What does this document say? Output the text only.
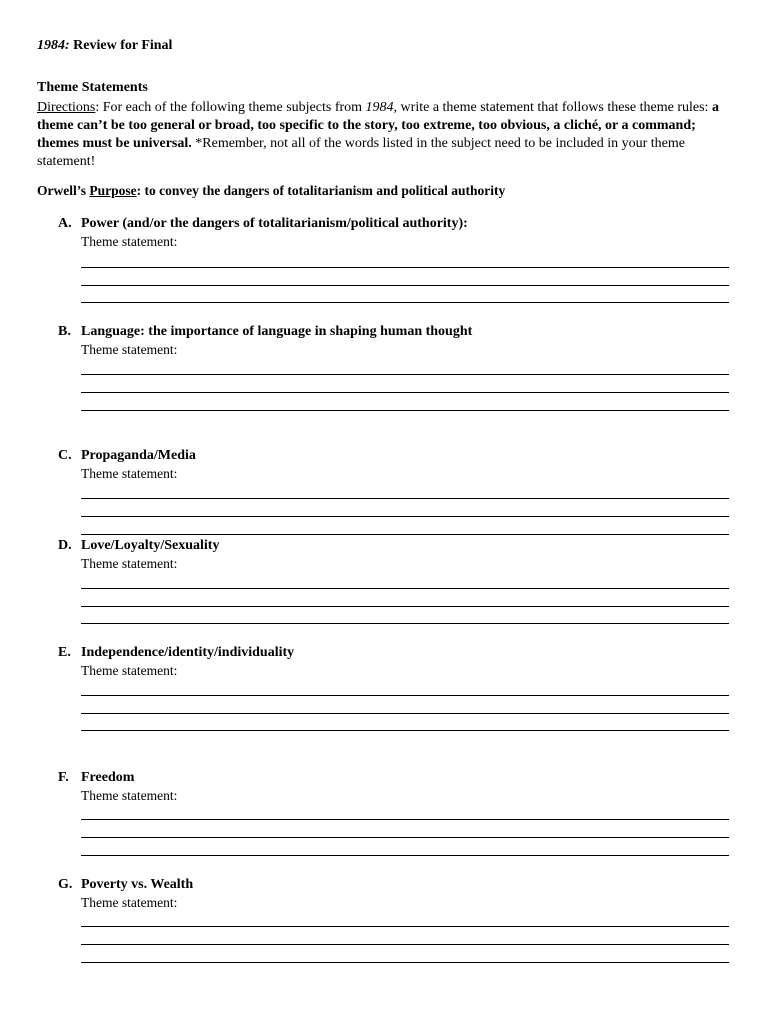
1984: Review for Final
Theme Statements
Directions: For each of the following theme subjects from 1984, write a theme statement that follows these theme rules: a theme can’t be too general or broad, too specific to the story, too extreme, too obvious, a cliché, or a command; themes must be universal. *Remember, not all of the words listed in the subject need to be included in your theme statement!
Orwell’s Purpose: to convey the dangers of totalitarianism and political authority
A. Power (and/or the dangers of totalitarianism/political authority):
Theme statement:
B. Language: the importance of language in shaping human thought
Theme statement:
C. Propaganda/Media
Theme statement:
D. Love/Loyalty/Sexuality
Theme statement:
E. Independence/identity/individuality
Theme statement:
F. Freedom
Theme statement:
G. Poverty vs. Wealth
Theme statement:
